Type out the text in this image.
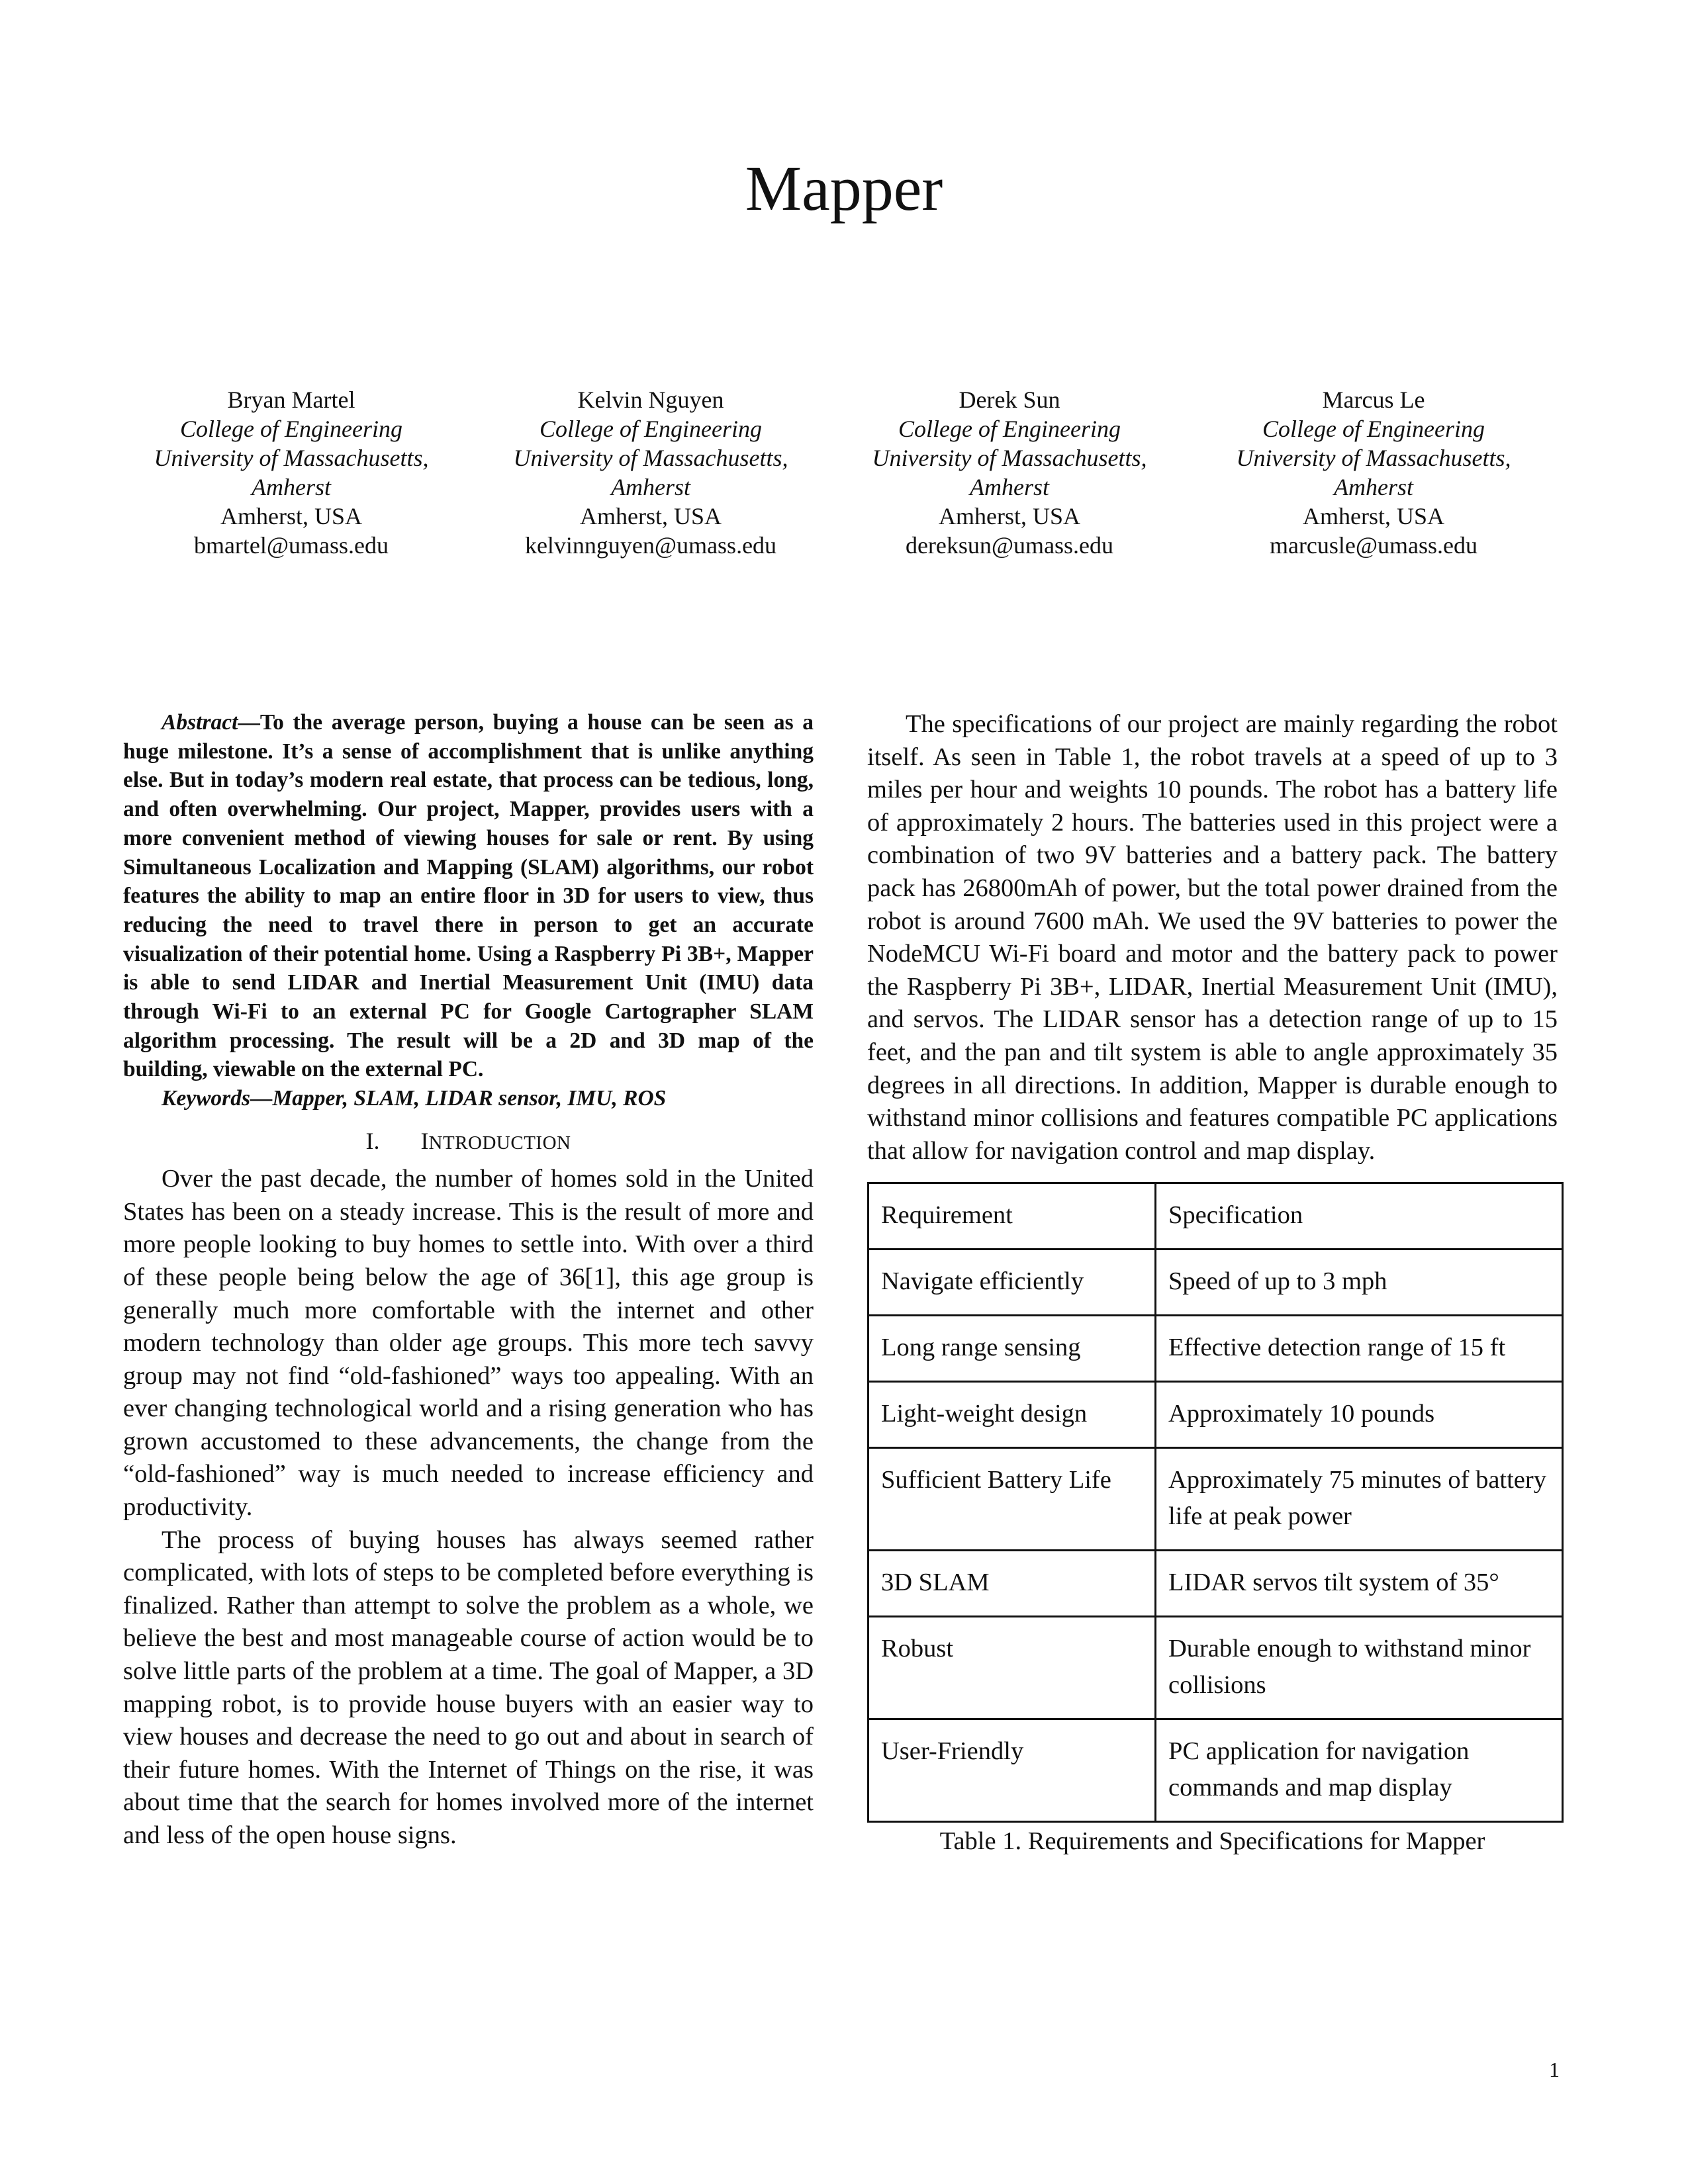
Mapper
Bryan Martel
College of Engineering
University of Massachusetts,
Amherst
Amherst, USA
bmartel@umass.edu
Kelvin Nguyen
College of Engineering
University of Massachusetts,
Amherst
Amherst, USA
kelvinnguyen@umass.edu
Derek Sun
College of Engineering
University of Massachusetts,
Amherst
Amherst, USA
dereksun@umass.edu
Marcus Le
College of Engineering
University of Massachusetts,
Amherst
Amherst, USA
marcusle@umass.edu

Abstract—To the average person, buying a house can be seen as a huge milestone. It’s a sense of accomplishment that is unlike anything else. But in today’s modern real estate, that process can be tedious, long, and often overwhelming. Our project, Mapper, provides users with a more convenient method of viewing houses for sale or rent. By using Simultaneous Localization and Mapping (SLAM) algorithms, our robot features the ability to map an entire floor in 3D for users to view, thus reducing the need to travel there in person to get an accurate visualization of their potential home. Using a Raspberry Pi 3B+, Mapper is able to send LIDAR and Inertial Measurement Unit (IMU) data through Wi-Fi to an external PC for Google Cartographer SLAM algorithm processing. The result will be a 2D and 3D map of the building, viewable on the external PC.

Keywords—Mapper, SLAM, LIDAR sensor, IMU, ROS

I. INTRODUCTION

Over the past decade, the number of homes sold in the United States has been on a steady increase. This is the result of more and more people looking to buy homes to settle into. With over a third of these people being below the age of 36[1], this age group is generally much more comfortable with the internet and other modern technology than older age groups. This more tech savvy group may not find “old-fashioned” ways too appealing. With an ever changing technological world and a rising generation who has grown accustomed to these advancements, the change from the “old-fashioned” way is much needed to increase efficiency and productivity.

The process of buying houses has always seemed rather complicated, with lots of steps to be completed before everything is finalized. Rather than attempt to solve the problem as a whole, we believe the best and most manageable course of action would be to solve little parts of the problem at a time. The goal of Mapper, a 3D mapping robot, is to provide house buyers with an easier way to view houses and decrease the need to go out and about in search of their future homes. With the Internet of Things on the rise, it was about time that the search for homes involved more of the internet and less of the open house signs.

The specifications of our project are mainly regarding the robot itself. As seen in Table 1, the robot travels at a speed of up to 3 miles per hour and weights 10 pounds. The robot has a battery life of approximately 2 hours. The batteries used in this project were a combination of two 9V batteries and a battery pack. The battery pack has 26800mAh of power, but the total power drained from the robot is around 7600 mAh. We used the 9V batteries to power the NodeMCU Wi-Fi board and motor and the battery pack to power the Raspberry Pi 3B+, LIDAR, Inertial Measurement Unit (IMU), and servos. The LIDAR sensor has a detection range of up to 15 feet, and the pan and tilt system is able to angle approximately 35 degrees in all directions. In addition, Mapper is durable enough to withstand minor collisions and features compatible PC applications that allow for navigation control and map display.

Requirement	Specification
Navigate efficiently	Speed of up to 3 mph
Long range sensing	Effective detection range of 15 ft
Light-weight design	Approximately 10 pounds
Sufficient Battery Life	Approximately 75 minutes of battery life at peak power
3D SLAM	LIDAR servos tilt system of 35°
Robust	Durable enough to withstand minor collisions
User-Friendly	PC application for navigation commands and map display
Table 1. Requirements and Specifications for Mapper
1
